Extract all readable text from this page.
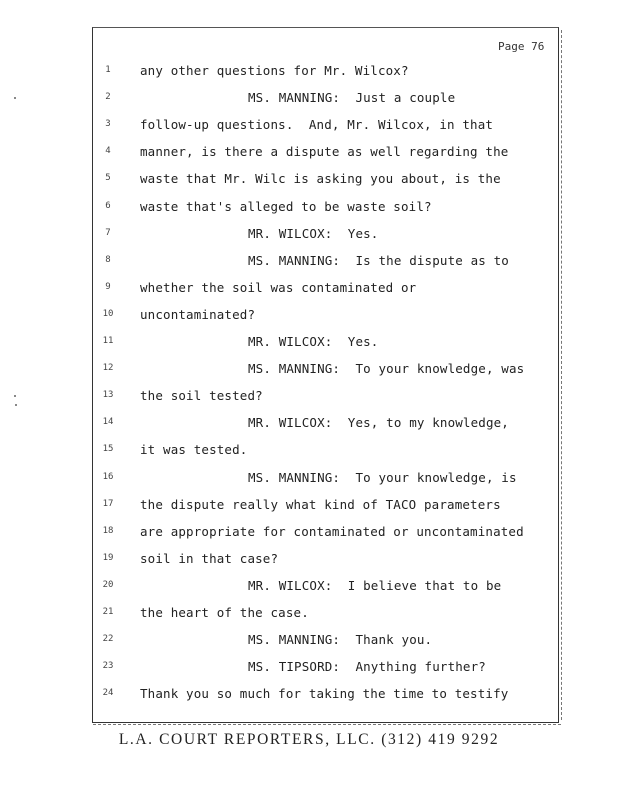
Page 76
1	any other questions for Mr. Wilcox?
2	MS. MANNING:  Just a couple
3	follow-up questions.  And, Mr. Wilcox, in that
4	manner, is there a dispute as well regarding the
5	waste that Mr. Wilc is asking you about, is the
6	waste that's alleged to be waste soil?
7	MR. WILCOX:  Yes.
8	MS. MANNING:  Is the dispute as to
9	whether the soil was contaminated or
10 uncontaminated?
11	MR. WILCOX:  Yes.
12	MS. MANNING:  To your knowledge, was
13 the soil tested?
14	MR. WILCOX:  Yes, to my knowledge,
15 it was tested.
16	MS. MANNING:  To your knowledge, is
17 the dispute really what kind of TACO parameters
18 are appropriate for contaminated or uncontaminated
19 soil in that case?
20	MR. WILCOX:  I believe that to be
21 the heart of the case.
22	MS. MANNING:  Thank you.
23	MS. TIPSORD:  Anything further?
24 Thank you so much for taking the time to testify
L.A. COURT REPORTERS, LLC. (312) 419 9292
